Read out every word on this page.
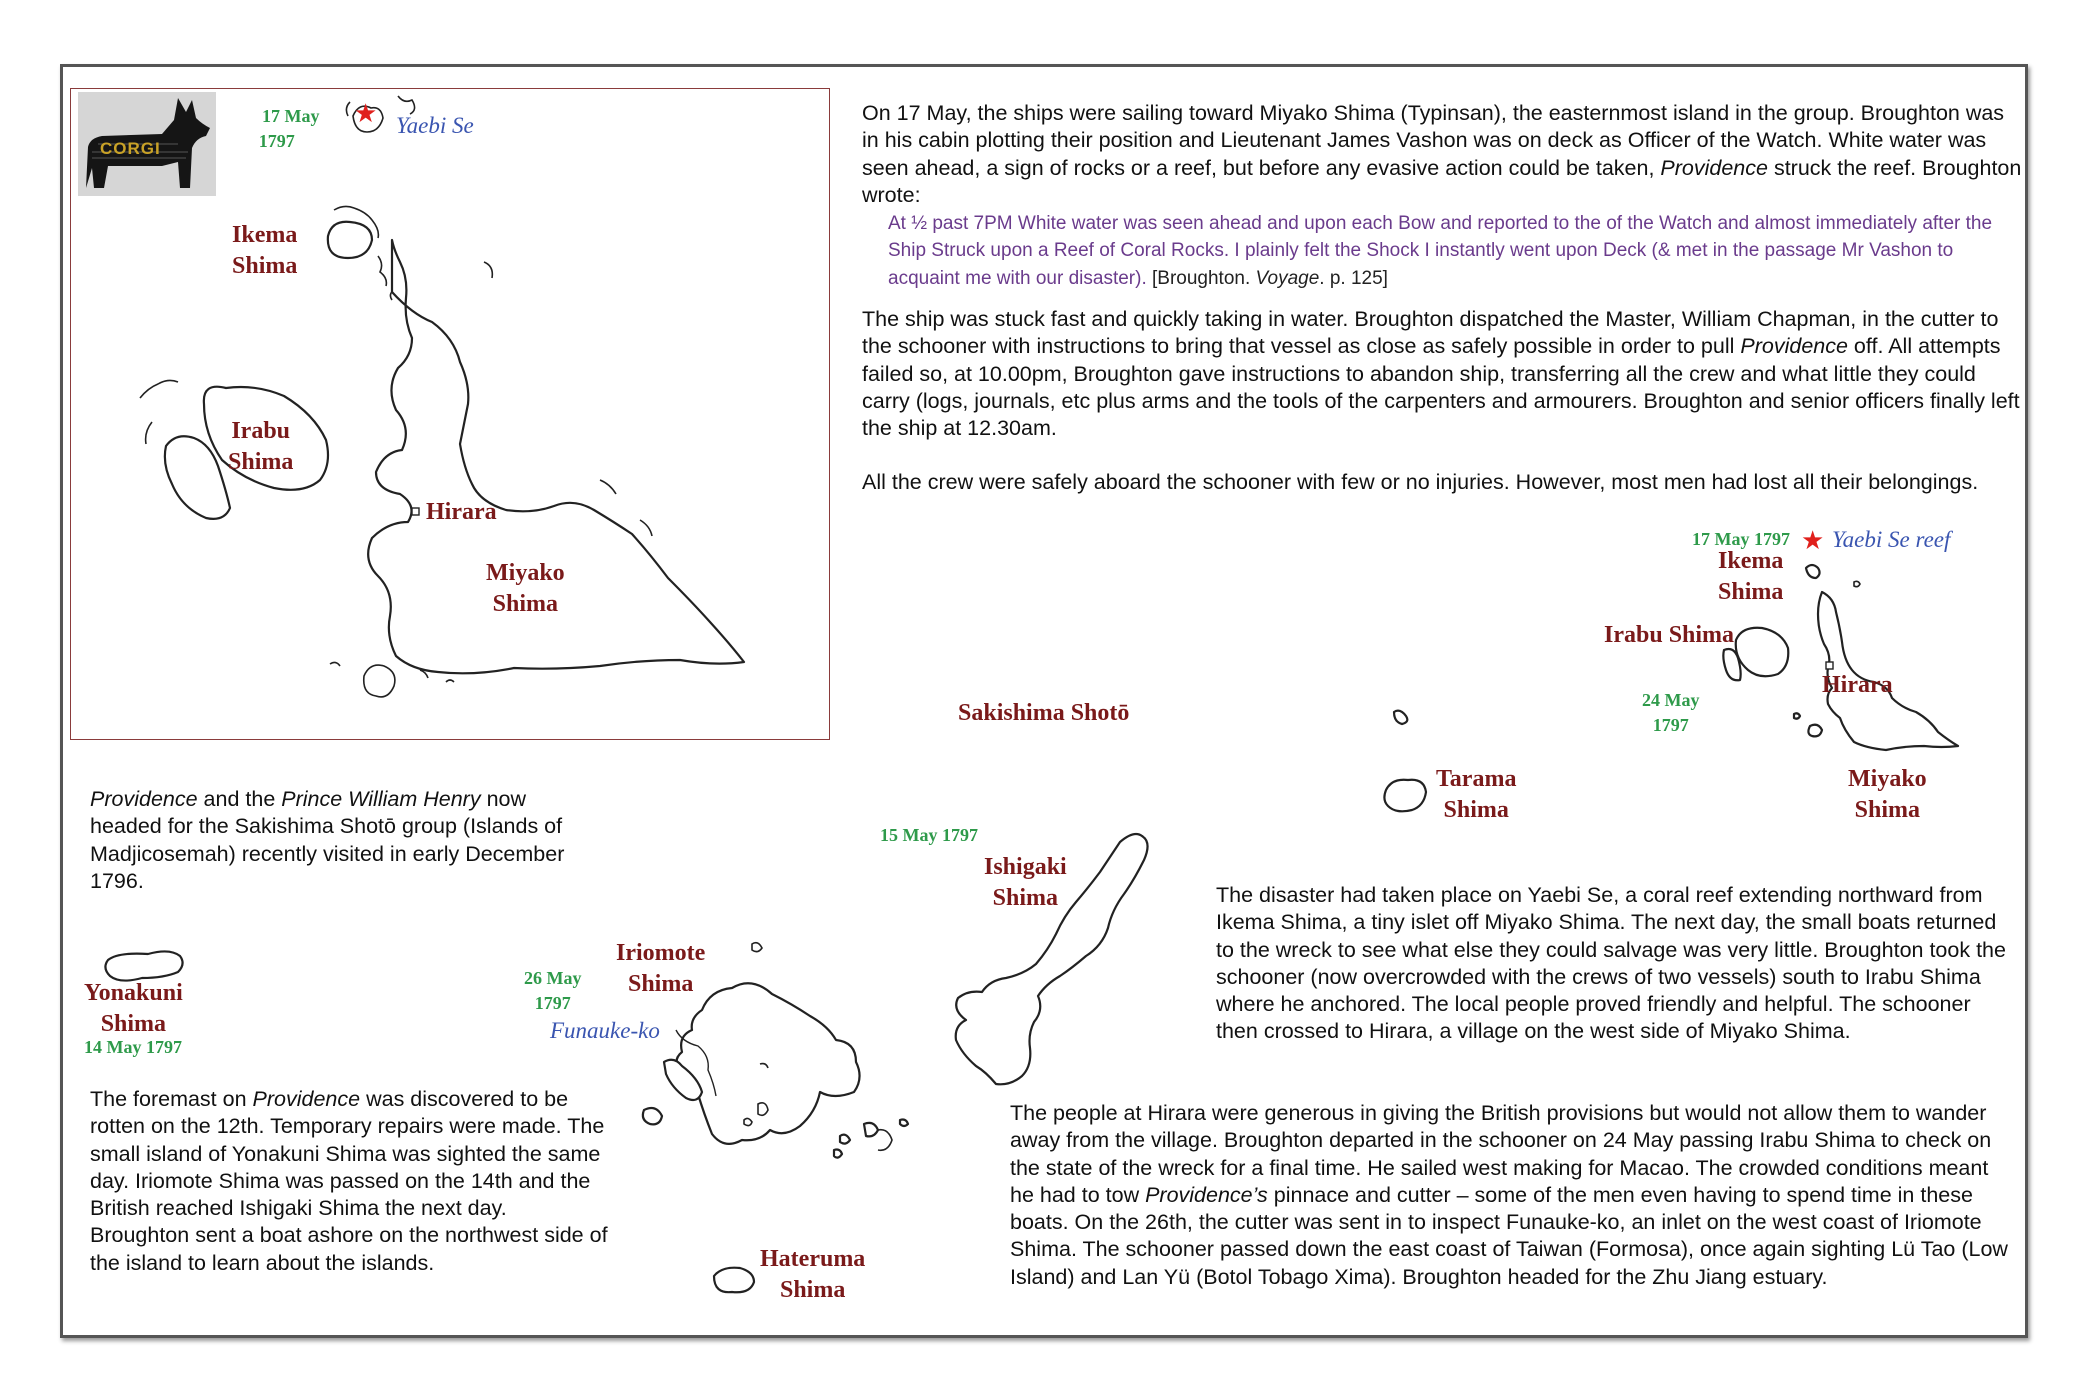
CORGI
17 May
1797
★ Yaebi Se
Ikema
Shima
Irabu
Shima
Hirara
Miyako
Shima
Sakishima Shotō
17 May 1797 ★ Yaebi Se reef
Ikema
Shima
Irabu Shima
Hirara
24 May
1797
Miyako
Shima
Tarama
Shima
15 May 1797
Ishigaki
Shima
Iriomote
Shima
26 May
1797
Funauke-ko
Yonakuni
Shima
14 May 1797
Hateruma
Shima

On 17 May, the ships were sailing toward Miyako Shima (Typinsan), the easternmost island in the group. Broughton was in his cabin plotting their position and Lieutenant James Vashon was on deck as Officer of the Watch. White water was seen ahead, a sign of rocks or a reef, but before any evasive action could be taken, Providence struck the reef. Broughton wrote:

At ½ past 7PM White water was seen ahead and upon each Bow and reported to the of the Watch and almost immediately after the Ship Struck upon a Reef of Coral Rocks. I plainly felt the Shock I instantly went upon Deck (& met in the passage Mr Vashon to acquaint me with our disaster). [Broughton. Voyage. p. 125]

The ship was stuck fast and quickly taking in water. Broughton dispatched the Master, William Chapman, in the cutter to the schooner with instructions to bring that vessel as close as safely possible in order to pull Providence off. All attempts failed so, at 10.00pm, Broughton gave instructions to abandon ship, transferring all the crew and what little they could carry (logs, journals, etc plus arms and the tools of the carpenters and armourers. Broughton and senior officers finally left the ship at 12.30am.

All the crew were safely aboard the schooner with few or no injuries. However, most men had lost all their belongings.

Providence and the Prince William Henry now headed for the Sakishima Shotō group (Islands of Madjicosemah) recently visited in early December 1796.
The foremast on Providence was discovered to be rotten on the 12th. Temporary repairs were made. The small island of Yonakuni Shima was sighted the same day. Iriomote Shima was passed on the 14th and the British reached Ishigaki Shima the next day. Broughton sent a boat ashore on the northwest side of the island to learn about the islands.
The disaster had taken place on Yaebi Se, a coral reef extending northward from Ikema Shima, a tiny islet off Miyako Shima. The next day, the small boats returned to the wreck to see what else they could salvage was very little. Broughton took the schooner (now overcrowded with the crews of two vessels) south to Irabu Shima where he anchored. The local people proved friendly and helpful. The schooner then crossed to Hirara, a village on the west side of Miyako Shima.
The people at Hirara were generous in giving the British provisions but would not allow them to wander away from the village. Broughton departed in the schooner on 24 May passing Irabu Shima to check on the state of the wreck for a final time. He sailed west making for Macao. The crowded conditions meant he had to tow Providence’s pinnace and cutter – some of the men even having to spend time in these boats. On the 26th, the cutter was sent in to inspect Funauke-ko, an inlet on the west coast of Iriomote Shima. The schooner passed down the east coast of Taiwan (Formosa), once again sighting Lü Tao (Low Island) and Lan Yü (Botol Tobago Xima). Broughton headed for the Zhu Jiang estuary.
